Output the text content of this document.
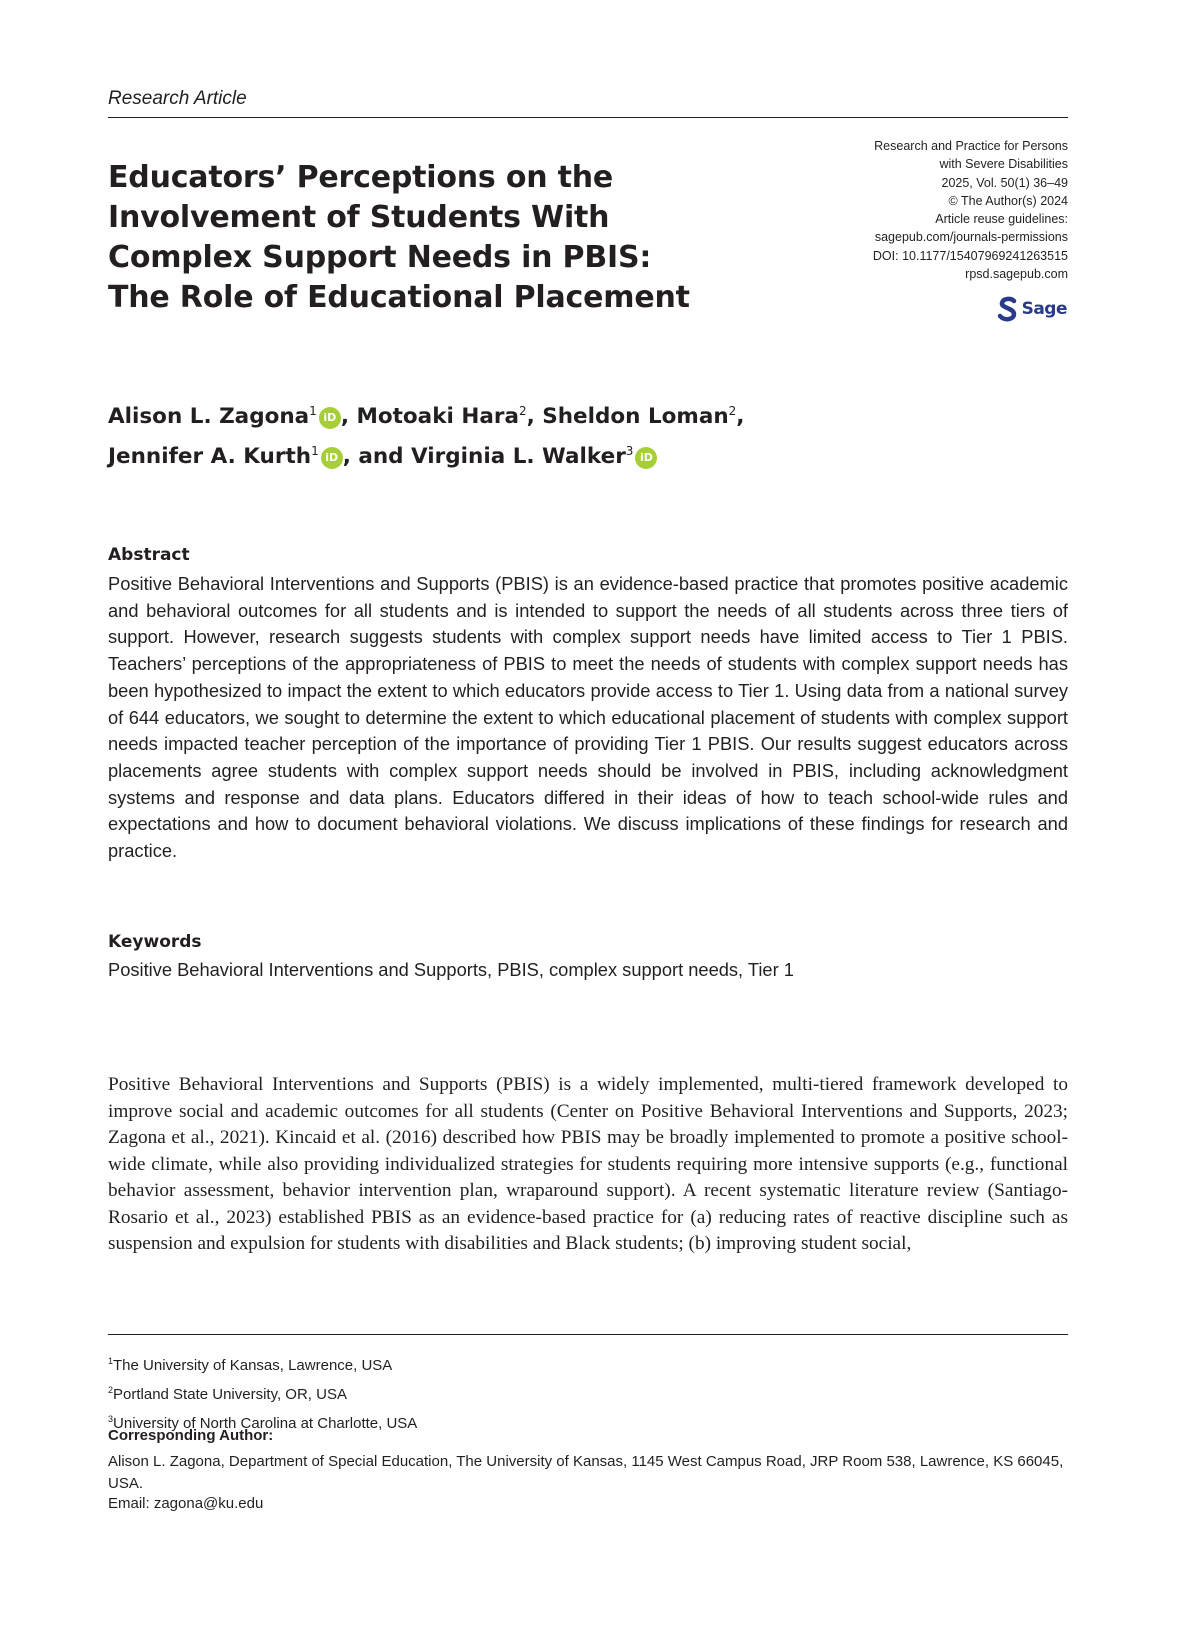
Research Article
Educators’ Perceptions on the
Involvement of Students With
Complex Support Needs in PBIS:
The Role of Educational Placement
Research and Practice for Persons
with Severe Disabilities
2025, Vol. 50(1) 36–49
© The Author(s) 2024
Article reuse guidelines:
sagepub.com/journals-permissions
DOI: 10.1177/15407969241263515
rpsd.sagepub.com
Sage
Alison L. Zagona$^1$ iD , Motoaki Hara$^2$, Sheldon Loman$^2$,
Jennifer A. Kurth$^1$ iD , and Virginia L. Walker$^3$ iD
Abstract

Positive Behavioral Interventions and Supports (PBIS) is an evidence-based practice that promotes positive academic and behavioral outcomes for all students and is intended to support the needs of all students across three tiers of support. However, research suggests students with complex support needs have limited access to Tier 1 PBIS. Teachers’ perceptions of the appropriateness of PBIS to meet the needs of students with complex support needs has been hypothesized to impact the extent to which educators provide access to Tier 1. Using data from a national survey of 644 educators, we sought to determine the extent to which educational placement of students with complex support needs impacted teacher perception of the importance of providing Tier 1 PBIS. Our results suggest educators across placements agree students with complex support needs should be involved in PBIS, including acknowledgment systems and response and data plans. Educators differed in their ideas of how to teach school-wide rules and expectations and how to document behavioral violations. We discuss implications of these findings for research and practice.

Keywords

Positive Behavioral Interventions and Supports, PBIS, complex support needs, Tier 1

Positive Behavioral Interventions and Supports (PBIS) is a widely implemented, multi-tiered framework developed to improve social and academic outcomes for all students (Center on Positive Behavioral Interventions and Supports, 2023; Zagona et al., 2021). Kincaid et al. (2016) described how PBIS may be broadly implemented to promote a positive school-wide climate, while also providing individualized strategies for students requiring more intensive supports (e.g., functional behavior assessment, behavior intervention plan, wraparound support). A recent systematic literature review (Santiago-Rosario et al., 2023) established PBIS as an evidence-based practice for (a) reducing rates of reactive discipline such as suspension and expulsion for students with disabilities and Black students; (b) improving student social,

$^1$The University of Kansas, Lawrence, USA
$^2$Portland State University, OR, USA
$^3$University of North Carolina at Charlotte, USA
Corresponding Author:
Alison L. Zagona, Department of Special Education, The University of Kansas, 1145 West Campus Road, JRP Room 538, Lawrence, KS 66045, USA.
Email: zagona@ku.edu
